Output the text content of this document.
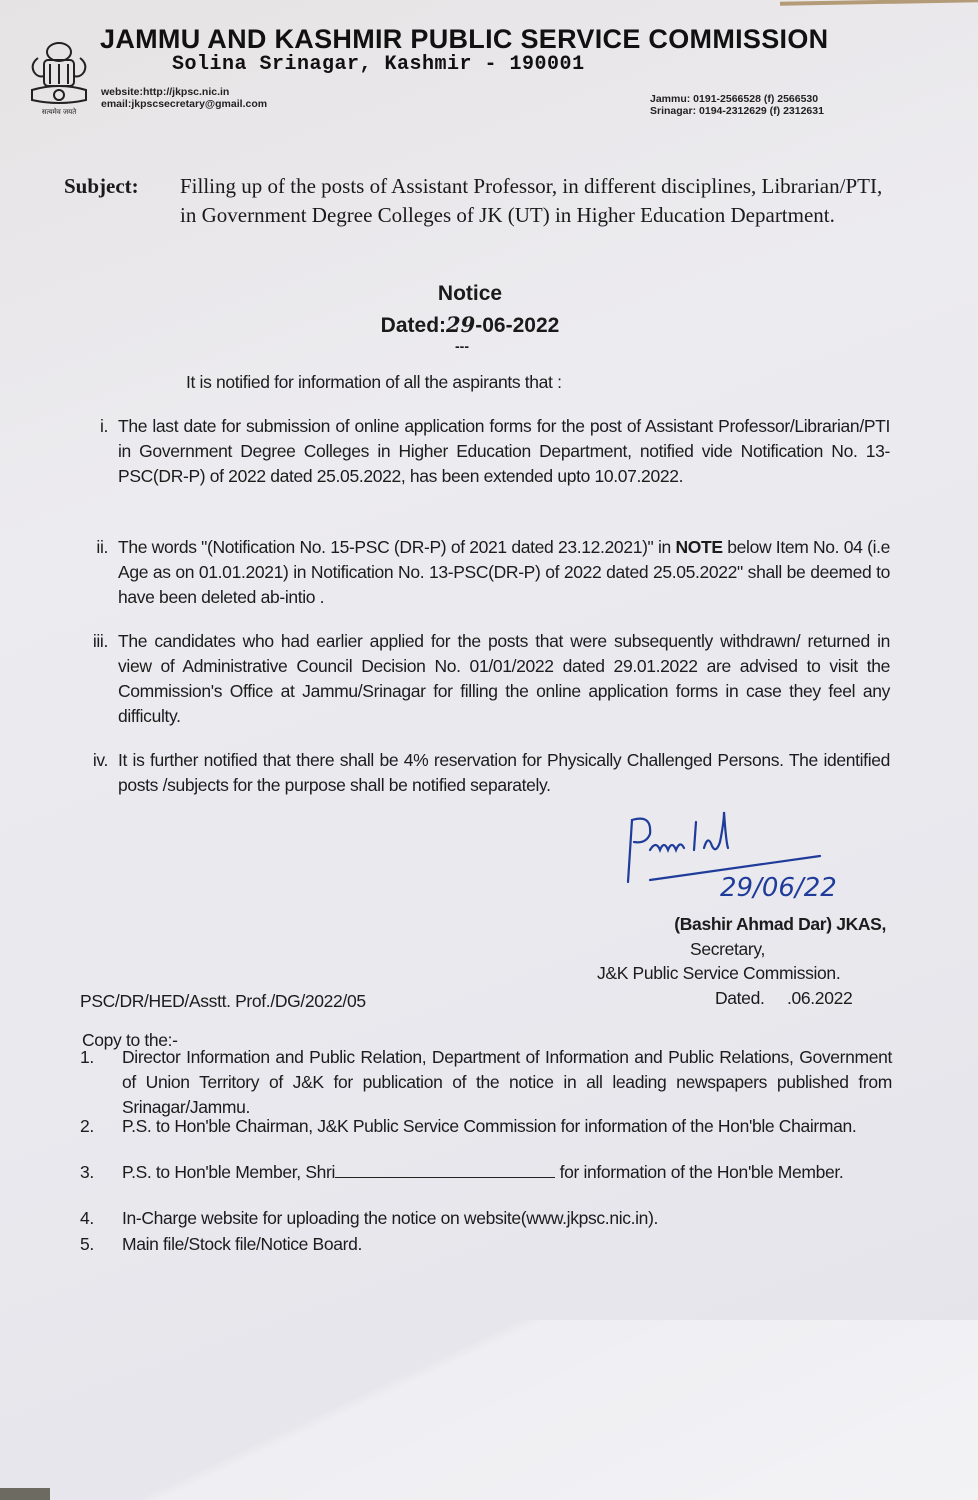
सत्यमेव जयते
JAMMU AND KASHMIR PUBLIC SERVICE COMMISSION
Solina Srinagar, Kashmir - 190001
website:http://jkpsc.nic.in
email:jkpscsecretary@gmail.com	Jammu: 0191-2566528 (f) 2566530
Srinagar: 0194-2312629 (f) 2312631
Subject: Filling up of the posts of Assistant Professor, in different disciplines, Librarian/PTI, in Government Degree Colleges of JK (UT) in Higher Education Department.
Notice
Dated:29-06-2022
---
It is notified for information of all the aspirants that :
i. The last date for submission of online application forms for the post of Assistant Professor/Librarian/PTI in Government Degree Colleges in Higher Education Department, notified vide Notification No. 13-PSC(DR-P) of 2022 dated 25.05.2022, has been extended upto 10.07.2022.
ii. The words "(Notification No. 15-PSC (DR-P) of 2021 dated 23.12.2021)" in NOTE below Item No. 04 (i.e Age as on 01.01.2021) in Notification No. 13-PSC(DR-P) of 2022 dated 25.05.2022" shall be deemed to have been deleted ab-intio .
iii. The candidates who had earlier applied for the posts that were subsequently withdrawn/ returned in view of Administrative Council Decision No. 01/01/2022 dated 29.01.2022 are advised to visit the Commission's Office at Jammu/Srinagar for filling the online application forms in case they feel any difficulty.
iv. It is further notified that there shall be 4% reservation for Physically Challenged Persons. The identified posts /subjects for the purpose shall be notified separately.
29/06/22
(Bashir Ahmad Dar) JKAS,
Secretary,
J&K Public Service Commission.
Dated.     .06.2022
PSC/DR/HED/Asstt. Prof./DG/2022/05
Copy to the:-
1.	Director Information and Public Relation, Department of Information and Public Relations, Government of Union Territory of J&K for publication of the notice in all leading newspapers published from Srinagar/Jammu.
2.	P.S. to Hon'ble Chairman, J&K Public Service Commission for information of the Hon'ble Chairman.
3.	P.S. to Hon'ble Member, Shri	for information of the Hon'ble Member.
4.	In-Charge website for uploading the notice on website(www.jkpsc.nic.in).
5.	Main file/Stock file/Notice Board.
